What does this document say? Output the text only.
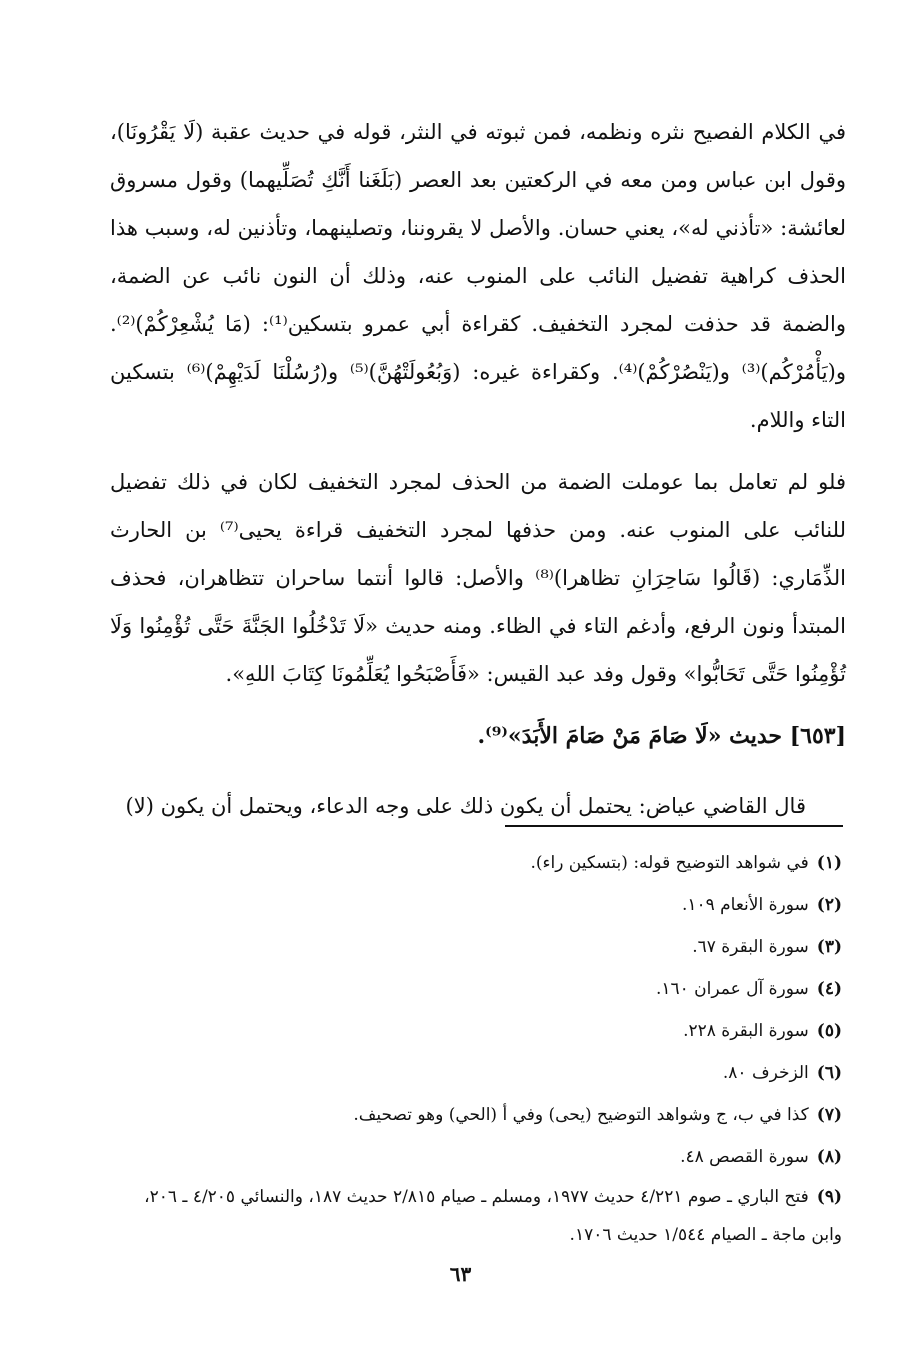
في الكلام الفصيح نثره ونظمه، فمن ثبوته في النثر، قوله في حديث عقبة (لَا يَقْرُونَا)، وقول ابن عباس ومن معه في الركعتين بعد العصر (بَلَغَنا أَنَّكِ تُصَلِّيهما) وقول مسروق لعائشة: «تأذني له»، يعني حسان. والأصل لا يقروننا، وتصلينهما، وتأذنين له، وسبب هذا الحذف كراهية تفضيل النائب على المنوب عنه، وذلك أن النون نائب عن الضمة، والضمة قد حذفت لمجرد التخفيف. كقراءة أبي عمرو بتسكين⁽¹⁾: (مَا يُشْعِرْكُمْ)⁽²⁾. و(يَأْمُرْكُم)⁽³⁾ و(يَنْصُرْكُمْ)⁽⁴⁾. وكقراءة غيره: (وَبُعُولَتْهُنَّ)⁽⁵⁾ و(رُسُلْنَا لَدَيْهِمْ)⁽⁶⁾ بتسكين التاء واللام.

فلو لم تعامل بما عوملت الضمة من الحذف لمجرد التخفيف لكان في ذلك تفضيل للنائب على المنوب عنه. ومن حذفها لمجرد التخفيف قراءة يحيى⁽⁷⁾ بن الحارث الذِّمَاري: (قَالُوا سَاحِرَانِ تظاهرا)⁽⁸⁾ والأصل: قالوا أنتما ساحران تتظاهران، فحذف المبتدأ ونون الرفع، وأدغم التاء في الظاء. ومنه حديث «لَا تَدْخُلُوا الجَنَّةَ حَتَّى تُؤْمِنُوا وَلَا تُؤْمِنُوا حَتَّى تَحَابُّوا» وقول وفد عبد القيس: «فَأَصْبَحُوا يُعَلِّمُونَا كِتَابَ اللهِ».

[٦٥٣] حديث «لَا صَامَ مَنْ صَامَ الأَبَدَ»⁽⁹⁾.

قال القاضي عياض: يحتمل أن يكون ذلك على وجه الدعاء، ويحتمل أن يكون (لا)

(١)في شواهد التوضيح قوله: (بتسكين راء).
(٢)سورة الأنعام ١٠٩.
(٣)سورة البقرة ٦٧.
(٤)سورة آل عمران ١٦٠.
(٥)سورة البقرة ٢٢٨.
(٦)الزخرف ٨٠.
(٧)كذا في ب، ج وشواهد التوضيح (يحى) وفي أ (الحي) وهو تصحيف.
(٨)سورة القصص ٤٨.
(٩)فتح الباري ـ صوم ٤/٢٢١ حديث ١٩٧٧، ومسلم ـ صيام ٢/٨١٥ حديث ١٨٧، والنسائي ٤/٢٠٥ ـ ٢٠٦، وابن ماجة ـ الصيام ١/٥٤٤ حديث ١٧٠٦.
٦٣
